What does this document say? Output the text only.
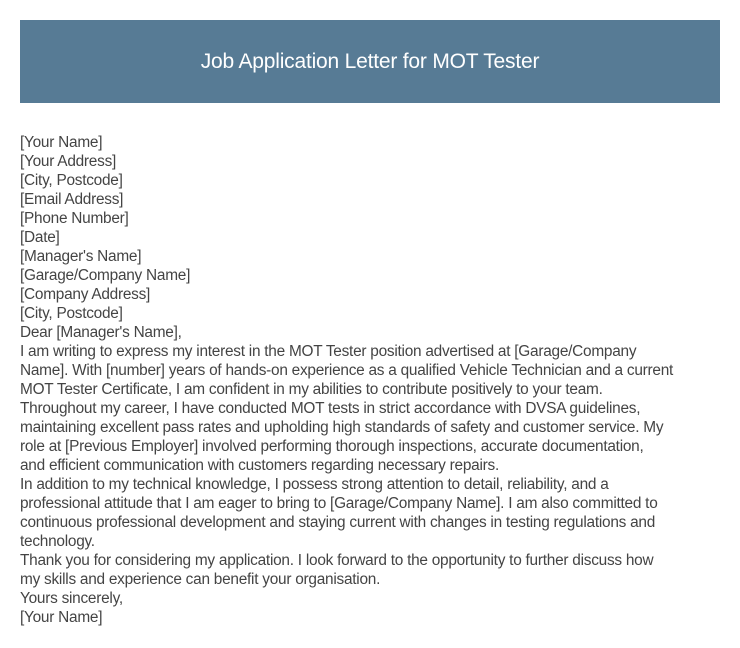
Job Application Letter for MOT Tester
[Your Name]
[Your Address]
[City, Postcode]
[Email Address]
[Phone Number]
[Date]
[Manager's Name]
[Garage/Company Name]
[Company Address]
[City, Postcode]
Dear [Manager's Name],
I am writing to express my interest in the MOT Tester position advertised at [Garage/Company
Name]. With [number] years of hands-on experience as a qualified Vehicle Technician and a current
MOT Tester Certificate, I am confident in my abilities to contribute positively to your team.
Throughout my career, I have conducted MOT tests in strict accordance with DVSA guidelines,
maintaining excellent pass rates and upholding high standards of safety and customer service. My
role at [Previous Employer] involved performing thorough inspections, accurate documentation,
and efficient communication with customers regarding necessary repairs.
In addition to my technical knowledge, I possess strong attention to detail, reliability, and a
professional attitude that I am eager to bring to [Garage/Company Name]. I am also committed to
continuous professional development and staying current with changes in testing regulations and
technology.
Thank you for considering my application. I look forward to the opportunity to further discuss how
my skills and experience can benefit your organisation.
Yours sincerely,
[Your Name]
